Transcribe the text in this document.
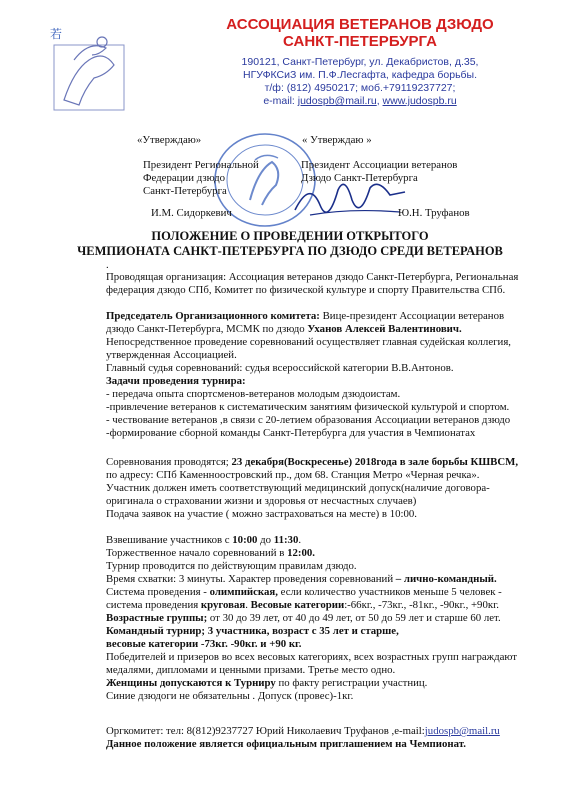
若
АССОЦИАЦИЯ ВЕТЕРАНОВ ДЗЮДО
САНКТ-ПЕТЕРБУРГА
190121, Санкт-Петербург, ул. Декабристов, д.35,
НГУФКСиЗ им. П.Ф.Лесгафта, кафедра борьбы.
т/ф: (812) 4950217; моб.+79119237727;
e-mail: judospb@mail.ru, www.judospb.ru
«Утверждаю»	« Утверждаю »
Президент Региональной
Федерации дзюдо
Санкт-Петербурга
Президент Ассоциации ветеранов
Дзюдо Санкт-Петербурга
И.М. Сидоркевич	Ю.Н. Труфанов
ПОЛОЖЕНИЕ О ПРОВЕДЕНИИ ОТКРЫТОГО
ЧЕМПИОНАТА САНКТ-ПЕТЕРБУРГА ПО ДЗЮДО СРЕДИ ВЕТЕРАНОВ
.
Проводящая организация: Ассоциация ветеранов дзюдо Санкт-Петербурга, Региональная
федерация дзюдо СПб, Комитет по физической культуре и спорту Правительства СПб.
Председатель Организационного комитета: Вице-президент Ассоциации ветеранов
дзюдо Санкт-Петербурга, МСМК по дзюдо Уханов Алексей Валентинович.
Непосредственное проведение соревнований осуществляет главная судейская коллегия,
утвержденная Ассоциацией.
Главный судья соревнований: судья всероссийской категории В.В.Антонов.
Задачи проведения турнира:
- передача опыта спортсменов-ветеранов молодым дзюдоистам.
-привлечение ветеранов к систематическим занятиям физической культурой и спортом.
- чествование ветеранов ,в связи с 20-летием образования Ассоциации ветеранов дзюдо
-формирование сборной команды Санкт-Петербурга для участия в Чемпионатах
Соревнования проводятся; 23 декабря(Воскресенье) 2018года в зале борьбы КШВСМ,
по адресу: СПб Каменноостровский пр., дом 68. Станция Метро «Черная речка».
Участник должен иметь соответствующий медицинский допуск(наличие договора-
оригинала о страховании жизни и здоровья от несчастных случаев)
Подача заявок на участие ( можно застраховаться на месте) в 10:00.
Взвешивание участников с 10:00 до 11:30.
Торжественное начало соревнований в 12:00.
Турнир проводится по действующим правилам дзюдо.
Время схватки: 3 минуты. Характер проведения соревнований – лично-командный.
Система проведения - олимпийская, если количество участников меньше 5 человек -
система проведения круговая. Весовые категории:-66кг., -73кг., -81кг., -90кг., +90кг.
Возрастные группы; от 30 до 39 лет, от 40 до 49 лет, от 50 до 59 лет и старше 60 лет.
Командный турнир; 3 участника, возраст с 35 лет и старше,
весовые категории -73кг. -90кг. и +90 кг.
Победителей и призеров во всех весовых категориях, всех возрастных групп награждают
медалями, дипломами и ценными призами. Третье место одно.
Женщины допускаются к Турниру по факту регистрации участниц.
Синие дзюдоги не обязательны . Допуск (провес)-1кг.
Оргкомитет: тел: 8(812)9237727 Юрий Николаевич Труфанов ,e-mail:judospb@mail.ru
Данное положение является официальным приглашением на Чемпионат.
